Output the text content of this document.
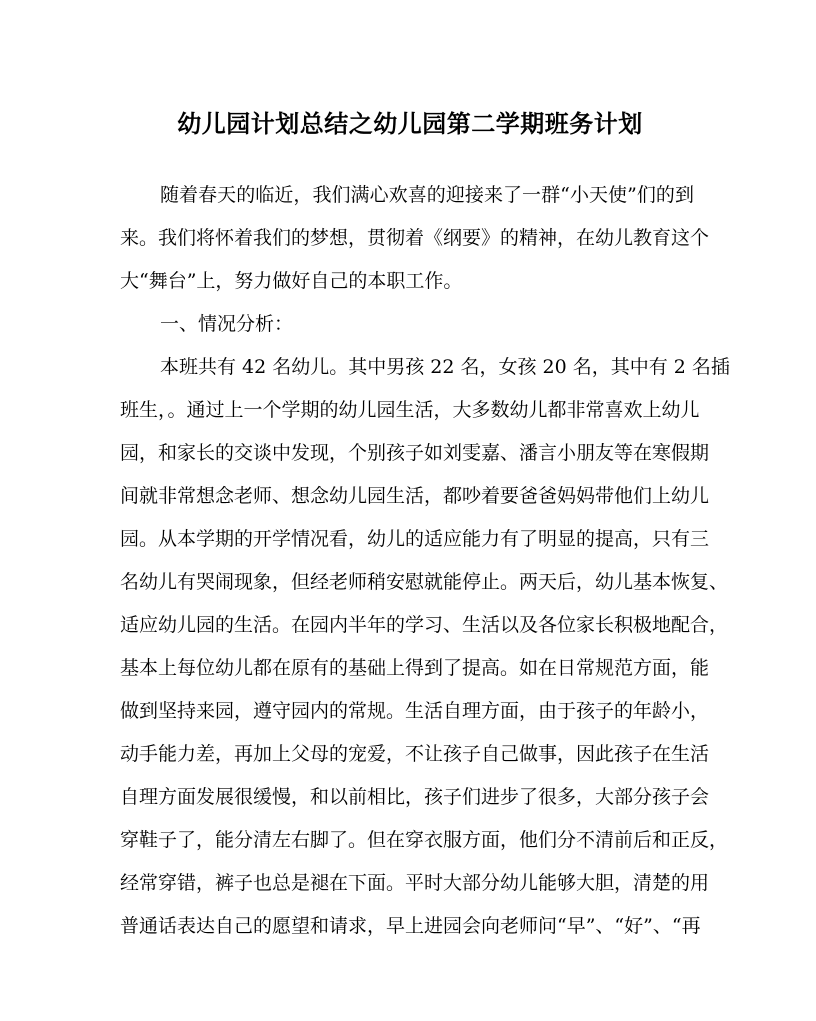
幼儿园计划总结之幼儿园第二学期班务计划

随着春天的临近，我们满心欢喜的迎接来了一群“小天使”们的到

来。我们将怀着我们的梦想，贯彻着《纲要》的精神，在幼儿教育这个

大“舞台”上，努力做好自己的本职工作。

一、情况分析：

本班共有 42 名幼儿。其中男孩 22 名，女孩 20 名，其中有 2 名插

班生，。通过上一个学期的幼儿园生活，大多数幼儿都非常喜欢上幼儿

园，和家长的交谈中发现，个别孩子如刘雯嘉、潘言小朋友等在寒假期

间就非常想念老师、想念幼儿园生活，都吵着要爸爸妈妈带他们上幼儿

园。从本学期的开学情况看，幼儿的适应能力有了明显的提高，只有三

名幼儿有哭闹现象，但经老师稍安慰就能停止。两天后，幼儿基本恢复、

适应幼儿园的生活。在园内半年的学习、生活以及各位家长积极地配合，

基本上每位幼儿都在原有的基础上得到了提高。如在日常规范方面，能

做到坚持来园，遵守园内的常规。生活自理方面，由于孩子的年龄小，

动手能力差，再加上父母的宠爱，不让孩子自己做事，因此孩子在生活

自理方面发展很缓慢，和以前相比，孩子们进步了很多，大部分孩子会

穿鞋子了，能分清左右脚了。但在穿衣服方面，他们分不清前后和正反，

经常穿错，裤子也总是褪在下面。平时大部分幼儿能够大胆，清楚的用

普通话表达自己的愿望和请求，早上进园会向老师问“早”、“好”、“再
